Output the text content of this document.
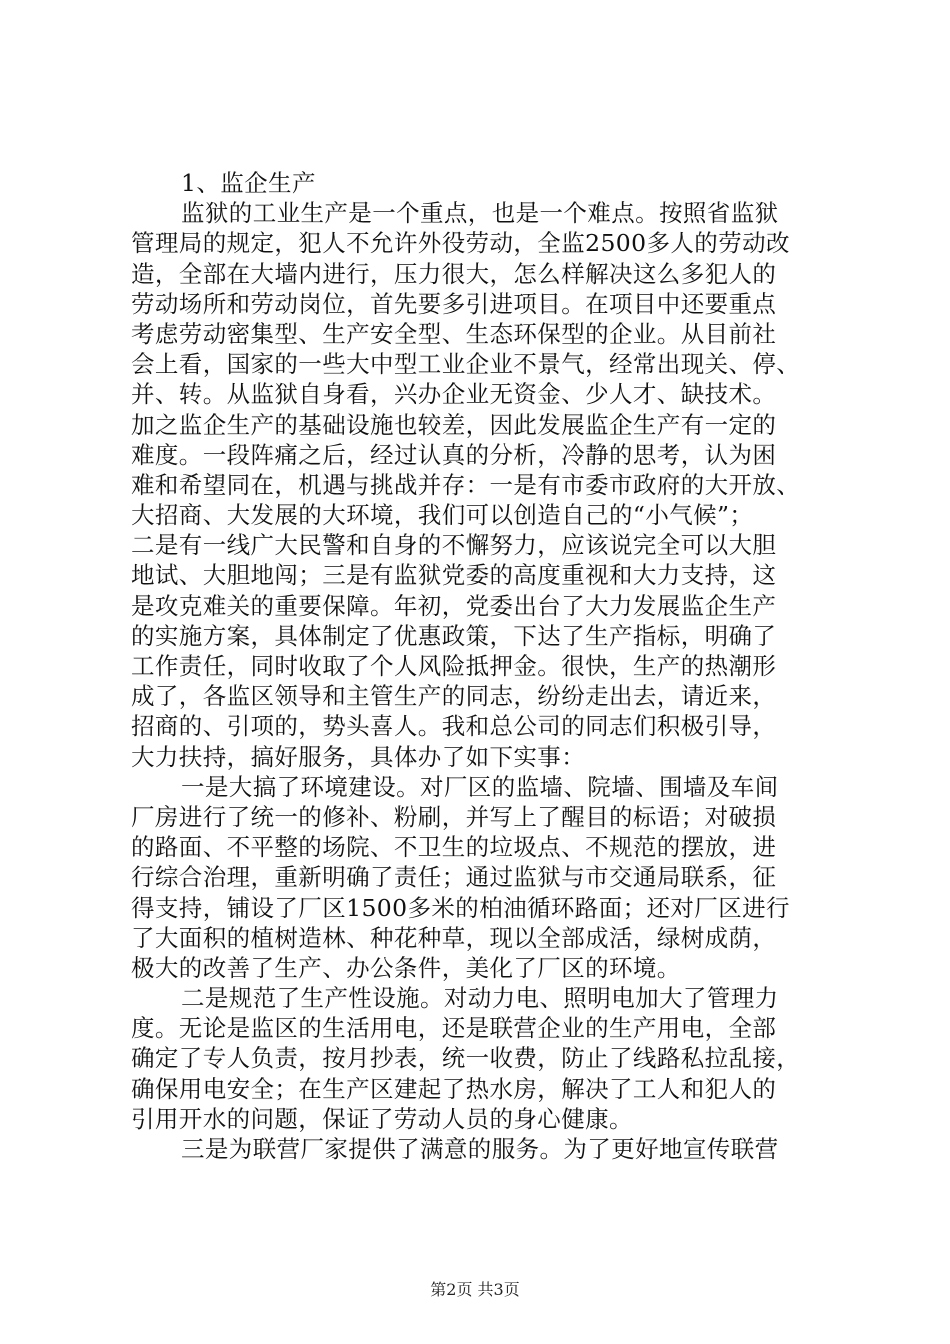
1、监企生产
监狱的工业生产是一个重点，也是一个难点。按照省监狱
管理局的规定，犯人不允许外役劳动，全监2500多人的劳动改
造，全部在大墙内进行，压力很大，怎么样解决这么多犯人的
劳动场所和劳动岗位，首先要多引进项目。在项目中还要重点
考虑劳动密集型、生产安全型、生态环保型的企业。从目前社
会上看，国家的一些大中型工业企业不景气，经常出现关、停、
并、转。从监狱自身看，兴办企业无资金、少人才、缺技术。
加之监企生产的基础设施也较差，因此发展监企生产有一定的
难度。一段阵痛之后，经过认真的分析，冷静的思考，认为困
难和希望同在，机遇与挑战并存：一是有市委市政府的大开放、
大招商、大发展的大环境，我们可以创造自己的“小气候”；
二是有一线广大民警和自身的不懈努力，应该说完全可以大胆
地试、大胆地闯；三是有监狱党委的高度重视和大力支持，这
是攻克难关的重要保障。年初，党委出台了大力发展监企生产
的实施方案，具体制定了优惠政策，下达了生产指标，明确了
工作责任，同时收取了个人风险抵押金。很快，生产的热潮形
成了，各监区领导和主管生产的同志，纷纷走出去，请近来，
招商的、引项的，势头喜人。我和总公司的同志们积极引导，
大力扶持，搞好服务，具体办了如下实事：
一是大搞了环境建设。对厂区的监墙、院墙、围墙及车间
厂房进行了统一的修补、粉刷，并写上了醒目的标语；对破损
的路面、不平整的场院、不卫生的垃圾点、不规范的摆放，进
行综合治理，重新明确了责任；通过监狱与市交通局联系，征
得支持，铺设了厂区1500多米的柏油循环路面；还对厂区进行
了大面积的植树造林、种花种草，现以全部成活，绿树成荫，
极大的改善了生产、办公条件，美化了厂区的环境。
二是规范了生产性设施。对动力电、照明电加大了管理力
度。无论是监区的生活用电，还是联营企业的生产用电，全部
确定了专人负责，按月抄表，统一收费，防止了线路私拉乱接，
确保用电安全；在生产区建起了热水房，解决了工人和犯人的
引用开水的问题，保证了劳动人员的身心健康。
三是为联营厂家提供了满意的服务。为了更好地宣传联营
第2页 共3页
